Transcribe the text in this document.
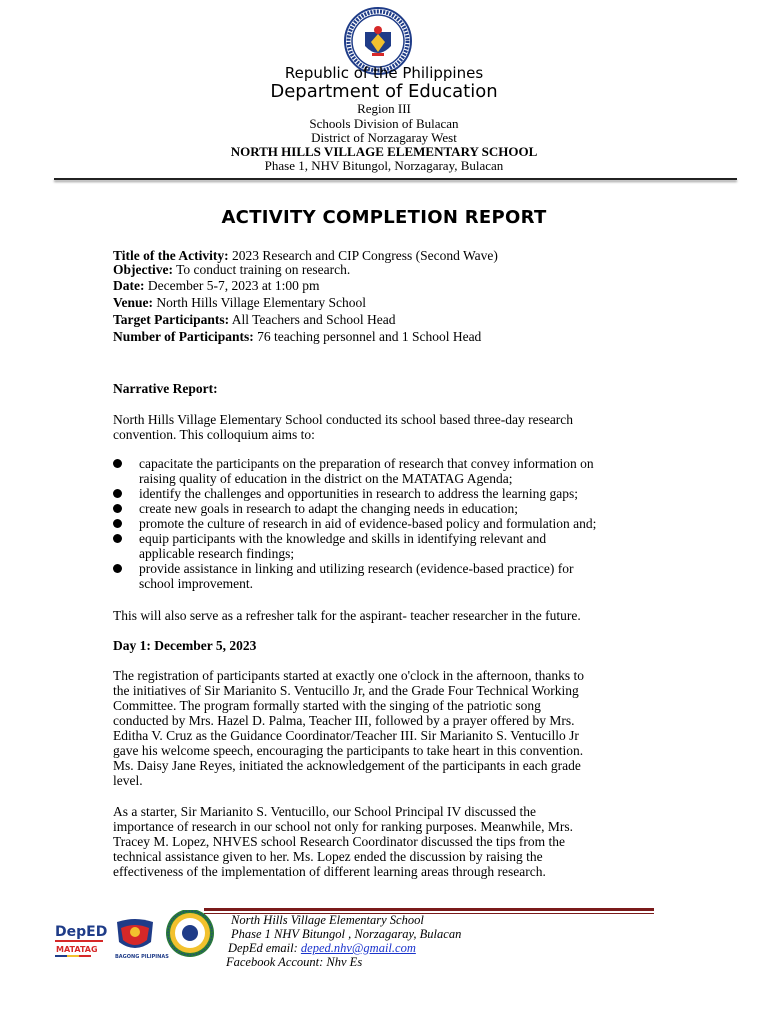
Republic of the Philippines
Department of Education
Region III
Schools Division of Bulacan
District of Norzagaray West
NORTH HILLS VILLAGE ELEMENTARY SCHOOL
Phase 1, NHV Bitungol, Norzagaray, Bulacan
ACTIVITY COMPLETION REPORT
Title of the Activity: 2023 Research and CIP Congress (Second Wave)
Objective: To conduct training on research.
Date: December 5-7, 2023 at 1:00 pm
Venue: North Hills Village Elementary School
Target Participants: All Teachers and School Head
Number of Participants: 76 teaching personnel and 1 School Head
Narrative Report:
North Hills Village Elementary School conducted its school based three-day research
convention. This colloquium aims to:
capacitate the participants on the preparation of research that convey information on
raising quality of education in the district on the MATATAG Agenda;
identify the challenges and opportunities in research to address the learning gaps;
create new goals in research to adapt the changing needs in education;
promote the culture of research in aid of evidence-based policy and formulation and;
equip participants with the knowledge and skills in identifying relevant and
applicable research findings;
provide assistance in linking and utilizing research (evidence-based practice) for
school improvement.
This will also serve as a refresher talk for the aspirant- teacher researcher in the future.
Day 1: December 5, 2023
The registration of participants started at exactly one o'clock in the afternoon, thanks to
the initiatives of Sir Marianito S. Ventucillo Jr, and the Grade Four Technical Working
Committee. The program formally started with the singing of the patriotic song
conducted by Mrs. Hazel D. Palma, Teacher III, followed by a prayer offered by Mrs.
Editha V. Cruz as the Guidance Coordinator/Teacher III. Sir Marianito S. Ventucillo Jr
gave his welcome speech, encouraging the participants to take heart in this convention.
Ms. Daisy Jane Reyes, initiated the acknowledgement of the participants in each grade
level.
As a starter, Sir Marianito S. Ventucillo, our School Principal IV discussed the
importance of research in our school not only for ranking purposes. Meanwhile, Mrs.
Tracey M. Lopez, NHVES school Research Coordinator discussed the tips from the
technical assistance given to her. Ms. Lopez ended the discussion by raising the
effectiveness of the implementation of different learning areas through research.
DepED
MATATAG
BAGONG PILIPINAS
North Hills Village Elementary School
Phase 1 NHV Bitungol , Norzagaray, Bulacan
DepEd email: deped.nhv@gmail.com
Facebook Account: Nhv Es
